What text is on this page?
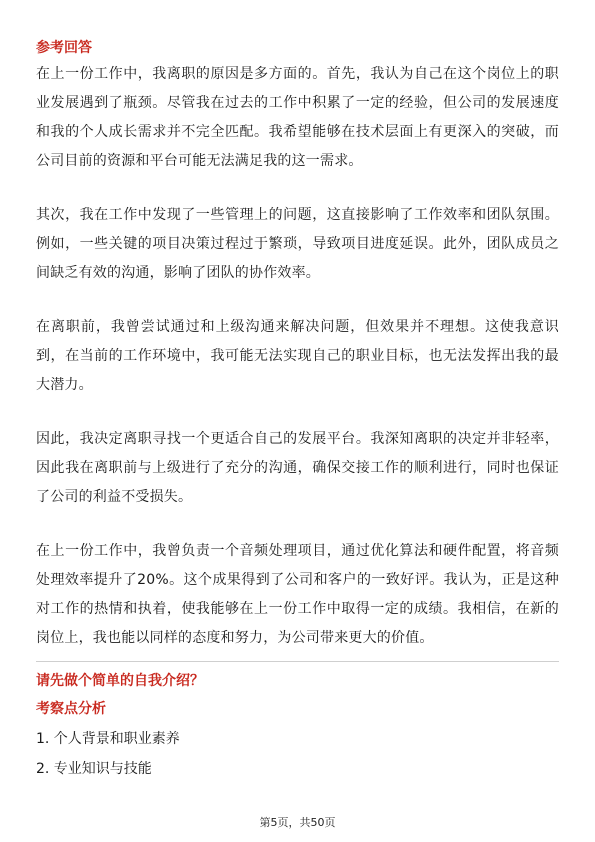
参考回答

在上一份工作中，我离职的原因是多方面的。首先，我认为自己在这个岗位上的职业发展遇到了瓶颈。尽管我在过去的工作中积累了一定的经验，但公司的发展速度和我的个人成长需求并不完全匹配。我希望能够在技术层面上有更深入的突破，而公司目前的资源和平台可能无法满足我的这一需求。

其次，我在工作中发现了一些管理上的问题，这直接影响了工作效率和团队氛围。例如，一些关键的项目决策过程过于繁琐，导致项目进度延误。此外，团队成员之间缺乏有效的沟通，影响了团队的协作效率。

在离职前，我曾尝试通过和上级沟通来解决问题，但效果并不理想。这使我意识到，在当前的工作环境中，我可能无法实现自己的职业目标，也无法发挥出我的最大潜力。

因此，我决定离职寻找一个更适合自己的发展平台。我深知离职的决定并非轻率，因此我在离职前与上级进行了充分的沟通，确保交接工作的顺利进行，同时也保证了公司的利益不受损失。

在上一份工作中，我曾负责一个音频处理项目，通过优化算法和硬件配置，将音频处理效率提升了20%。这个成果得到了公司和客户的一致好评。我认为，正是这种对工作的热情和执着，使我能够在上一份工作中取得一定的成绩。我相信，在新的岗位上，我也能以同样的态度和努力，为公司带来更大的价值。

请先做个简单的自我介绍？
考察点分析
1. 个人背景和职业素养
2. 专业知识与技能
第5页，共50页
